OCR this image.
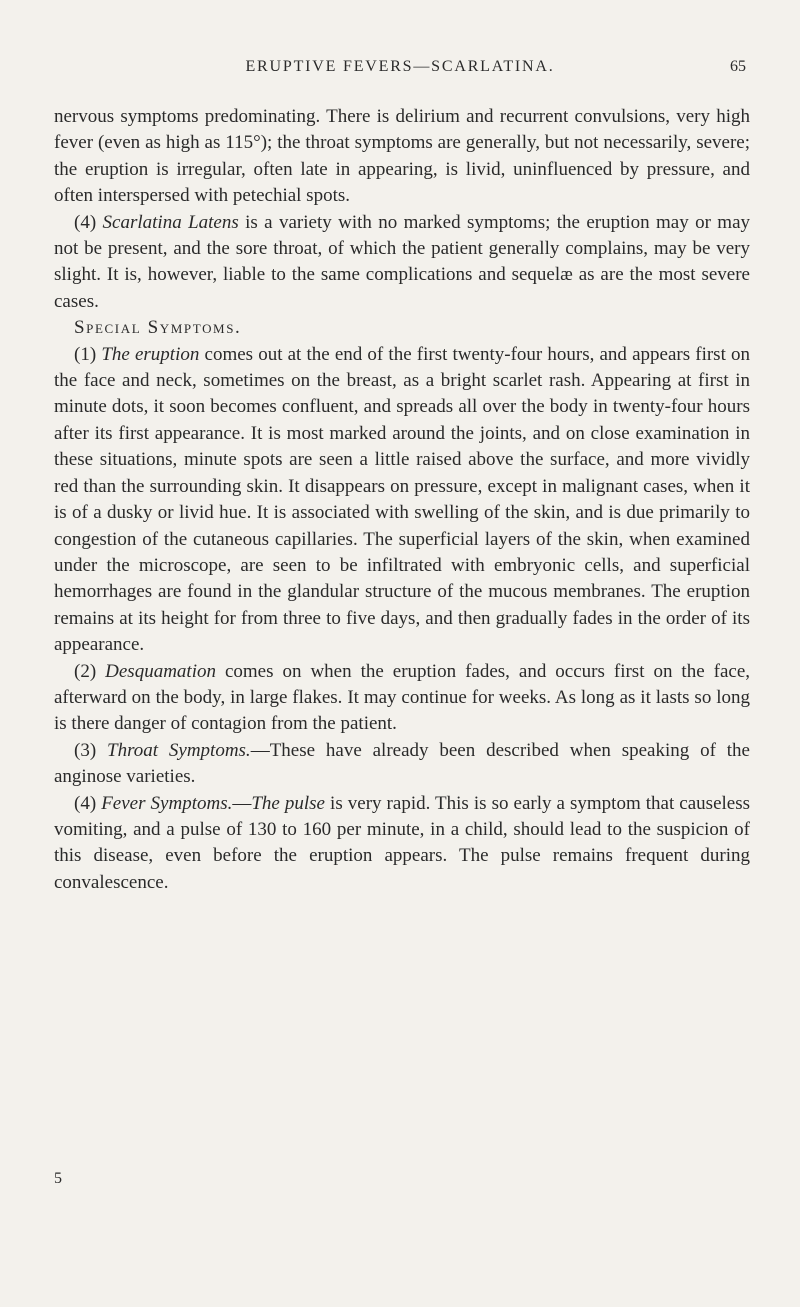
ERUPTIVE FEVERS—SCARLATINA.	65

nervous symptoms predominating. There is delirium and recurrent convulsions, very high fever (even as high as 115°); the throat symptoms are generally, but not necessarily, severe; the eruption is irregular, often late in appearing, is livid, uninfluenced by pressure, and often interspersed with petechial spots.

(4) Scarlatina Latens is a variety with no marked symptoms; the eruption may or may not be present, and the sore throat, of which the patient generally complains, may be very slight. It is, however, liable to the same complications and sequelæ as are the most severe cases.

Special Symptoms.

(1) The eruption comes out at the end of the first twenty-four hours, and appears first on the face and neck, sometimes on the breast, as a bright scarlet rash. Appearing at first in minute dots, it soon becomes confluent, and spreads all over the body in twenty-four hours after its first appearance. It is most marked around the joints, and on close examination in these situations, minute spots are seen a little raised above the surface, and more vividly red than the surrounding skin. It disappears on pressure, except in malignant cases, when it is of a dusky or livid hue. It is associated with swelling of the skin, and is due primarily to congestion of the cutaneous capillaries. The superficial layers of the skin, when examined under the microscope, are seen to be infiltrated with embryonic cells, and superficial hemorrhages are found in the glandular structure of the mucous membranes. The eruption remains at its height for from three to five days, and then gradually fades in the order of its appearance.

(2) Desquamation comes on when the eruption fades, and occurs first on the face, afterward on the body, in large flakes. It may continue for weeks. As long as it lasts so long is there danger of contagion from the patient.

(3) Throat Symptoms.—These have already been described when speaking of the anginose varieties.

(4) Fever Symptoms.—The pulse is very rapid. This is so early a symptom that causeless vomiting, and a pulse of 130 to 160 per minute, in a child, should lead to the suspicion of this disease, even before the eruption appears. The pulse remains frequent during convalescence.

5
